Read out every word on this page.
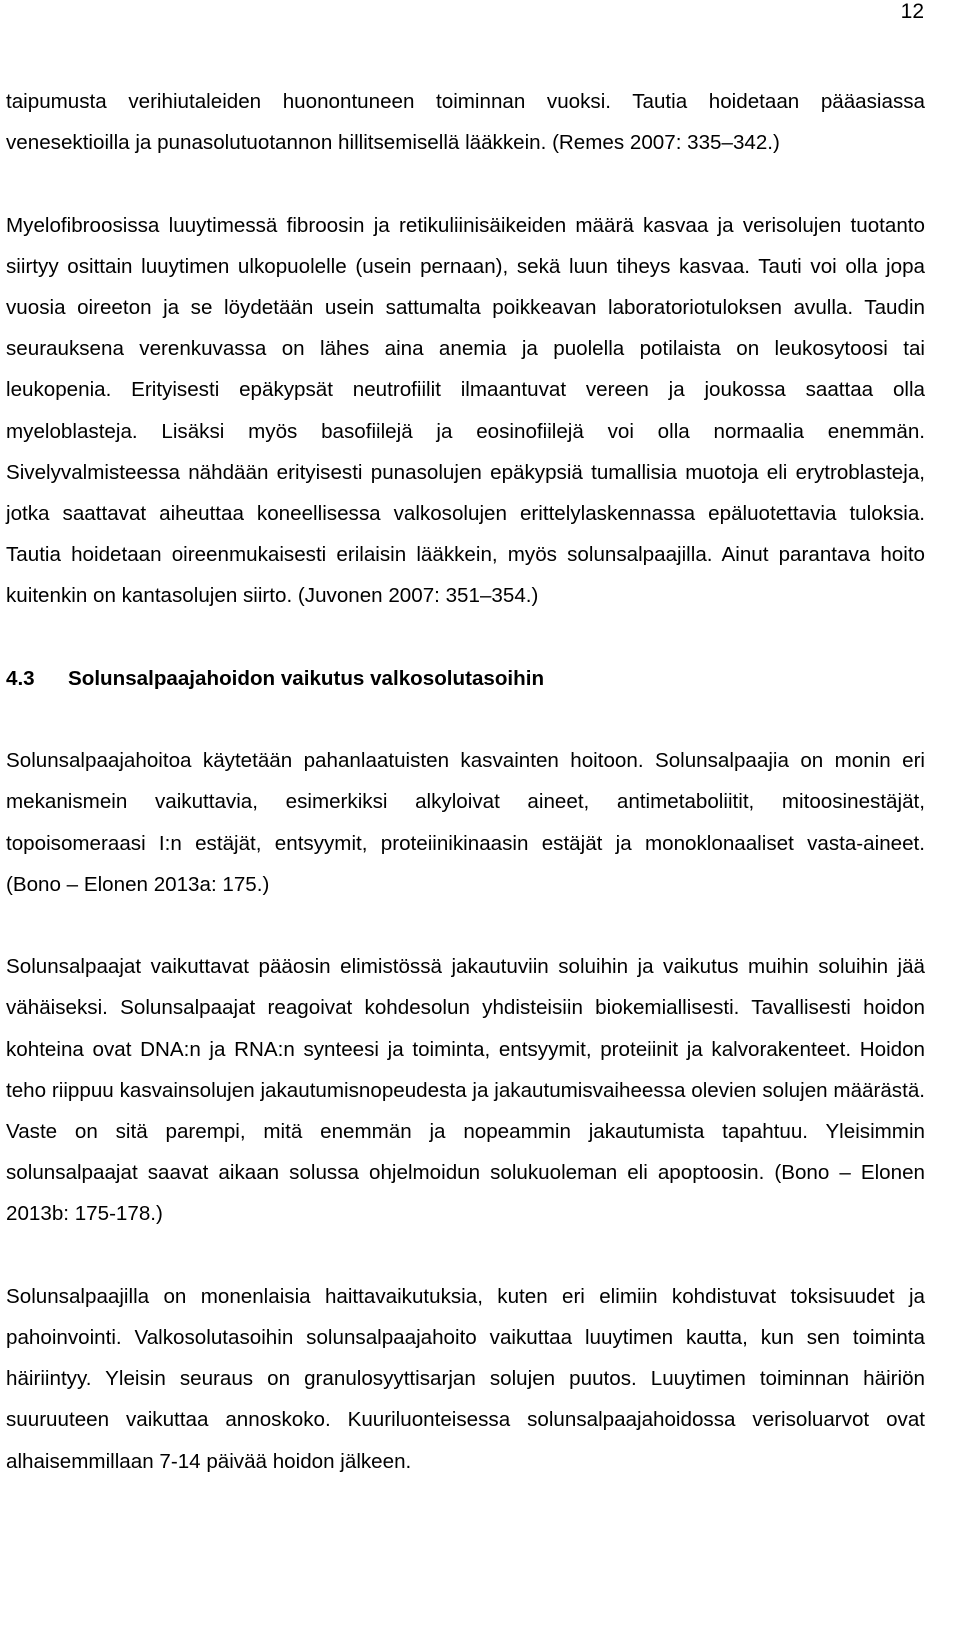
12

taipumusta verihiutaleiden huonontuneen toiminnan vuoksi. Tautia hoidetaan pääasiassa venesektioilla ja punasolutuotannon hillitsemisellä lääkkein. (Remes 2007: 335–342.)

Myelofibroosissa luuytimessä fibroosin ja retikuliinisäikeiden määrä kasvaa ja verisolujen tuotanto siirtyy osittain luuytimen ulkopuolelle (usein pernaan), sekä luun tiheys kasvaa. Tauti voi olla jopa vuosia oireeton ja se löydetään usein sattumalta poikkeavan laboratoriotuloksen avulla. Taudin seurauksena verenkuvassa on lähes aina anemia ja puolella potilaista on leukosytoosi tai leukopenia. Erityisesti epäkypsät neutrofiilit ilmaantuvat vereen ja joukossa saattaa olla myeloblasteja. Lisäksi myös basofiilejä ja eosinofiilejä voi olla normaalia enemmän. Sivelyvalmisteessa nähdään erityisesti punasolujen epäkypsiä tumallisia muotoja eli erytroblasteja, jotka saattavat aiheuttaa koneellisessa valkosolujen erittelylaskennassa epäluotettavia tuloksia. Tautia hoidetaan oireenmukaisesti erilaisin lääkkein, myös solunsalpaajilla. Ainut parantava hoito kuitenkin on kantasolujen siirto. (Juvonen 2007: 351–354.)

4.3	Solunsalpaajahoidon vaikutus valkosolutasoihin

Solunsalpaajahoitoa käytetään pahanlaatuisten kasvainten hoitoon. Solunsalpaajia on monin eri mekanismein vaikuttavia, esimerkiksi alkyloivat aineet, antimetaboliitit, mitoosinestäjät, topoisomeraasi I:n estäjät, entsyymit, proteiinikinaasin estäjät ja monoklonaaliset vasta-aineet. (Bono – Elonen 2013a: 175.)

Solunsalpaajat vaikuttavat pääosin elimistössä jakautuviin soluihin ja vaikutus muihin soluihin jää vähäiseksi. Solunsalpaajat reagoivat kohdesolun yhdisteisiin biokemiallisesti. Tavallisesti hoidon kohteina ovat DNA:n ja RNA:n synteesi ja toiminta, entsyymit, proteiinit ja kalvorakenteet. Hoidon teho riippuu kasvainsolujen jakautumisnopeudesta ja jakautumisvaiheessa olevien solujen määrästä. Vaste on sitä parempi, mitä enemmän ja nopeammin jakautumista tapahtuu. Yleisimmin solunsalpaajat saavat aikaan solussa ohjelmoidun solukuoleman eli apoptoosin. (Bono – Elonen 2013b: 175-178.)

Solunsalpaajilla on monenlaisia haittavaikutuksia, kuten eri elimiin kohdistuvat toksisuudet ja pahoinvointi. Valkosolutasoihin solunsalpaajahoito vaikuttaa luuytimen kautta, kun sen toiminta häiriintyy. Yleisin seuraus on granulosyyttisarjan solujen puutos. Luuytimen toiminnan häiriön suuruuteen vaikuttaa annoskoko. Kuuriluonteisessa solunsalpaajahoidossa verisoluarvot ovat alhaisemmillaan 7-14 päivää hoidon jälkeen.
